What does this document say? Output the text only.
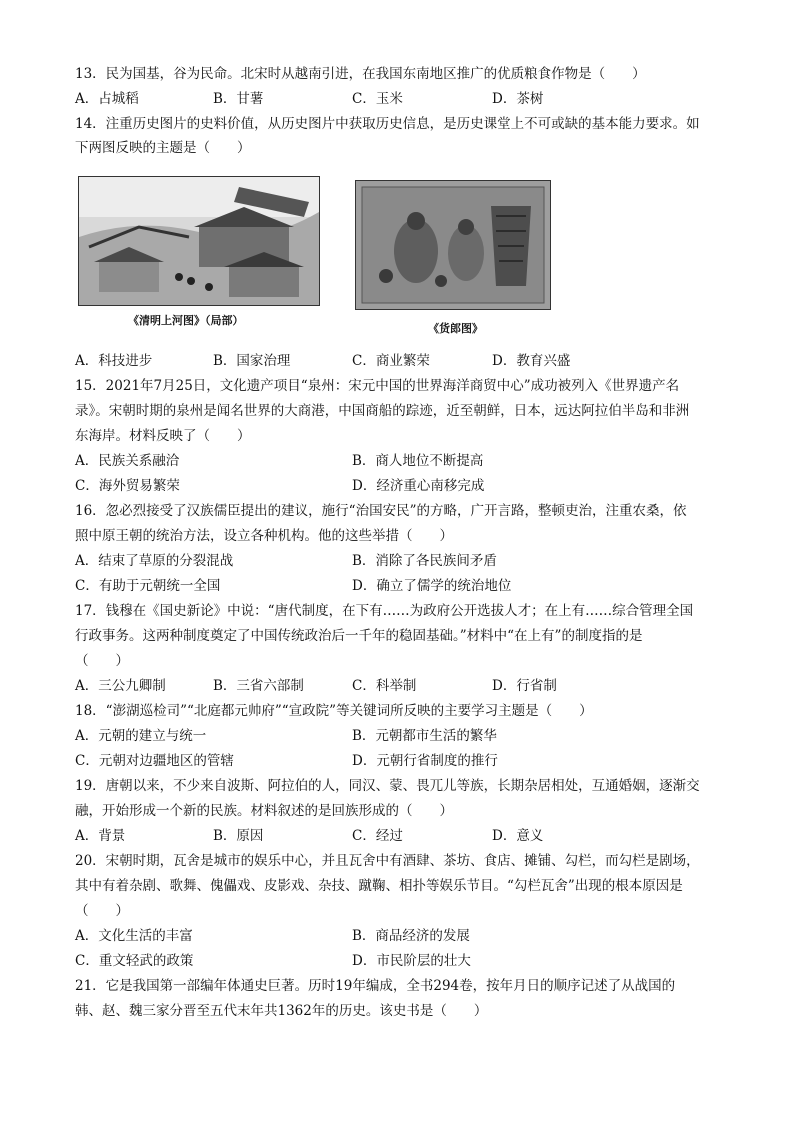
13．民为国基，谷为民命。北宋时从越南引进，在我国东南地区推广的优质粮食作物是（　　）
A．占城稻	B．甘薯	C．玉米	D．茶树
14．注重历史图片的史料价值，从历史图片中获取历史信息，是历史课堂上不可或缺的基本能力要求。如
下两图反映的主题是（　　）
《清明上河图》（局部）
《货郎图》
A．科技进步	B．国家治理	C．商业繁荣	D．教育兴盛
15．2021年7月25日，文化遗产项目“泉州：宋元中国的世界海洋商贸中心”成功被列入《世界遗产名
录》。宋朝时期的泉州是闻名世界的大商港，中国商船的踪迹，近至朝鲜，日本，远达阿拉伯半岛和非洲
东海岸。材料反映了（　　）
A．民族关系融洽	B．商人地位不断提高
C．海外贸易繁荣	D．经济重心南移完成
16．忽必烈接受了汉族儒臣提出的建议，施行“治国安民”的方略，广开言路，整顿吏治，注重农桑，依
照中原王朝的统治方法，设立各种机构。他的这些举措（　　）
A．结束了草原的分裂混战	B．消除了各民族间矛盾
C．有助于元朝统一全国	D．确立了儒学的统治地位
17．钱穆在《国史新论》中说：“唐代制度，在下有……为政府公开选拔人才；在上有……综合管理全国
行政事务。这两种制度奠定了中国传统政治后一千年的稳固基础。”材料中“在上有”的制度指的是
（　　）
A．三公九卿制	B．三省六部制	C．科举制	D．行省制
18．“澎湖巡检司”“北庭都元帅府”“宣政院”等关键词所反映的主要学习主题是（　　）
A．元朝的建立与统一	B．元朝都市生活的繁华
C．元朝对边疆地区的管辖	D．元朝行省制度的推行
19．唐朝以来，不少来自波斯、阿拉伯的人，同汉、蒙、畏兀儿等族，长期杂居相处，互通婚姻，逐渐交
融，开始形成一个新的民族。材料叙述的是回族形成的（　　）
A．背景	B．原因	C．经过	D．意义
20．宋朝时期，瓦舍是城市的娱乐中心，并且瓦舍中有酒肆、茶坊、食店、摊铺、勾栏，而勾栏是剧场，
其中有着杂剧、歌舞、傀儡戏、皮影戏、杂技、蹴鞠、相扑等娱乐节目。“勾栏瓦舍”出现的根本原因是
（　　）
A．文化生活的丰富	B．商品经济的发展
C．重文轻武的政策	D．市民阶层的壮大
21．它是我国第一部编年体通史巨著。历时19年编成，全书294卷，按年月日的顺序记述了从战国的
韩、赵、魏三家分晋至五代末年共1362年的历史。该史书是（　　）
